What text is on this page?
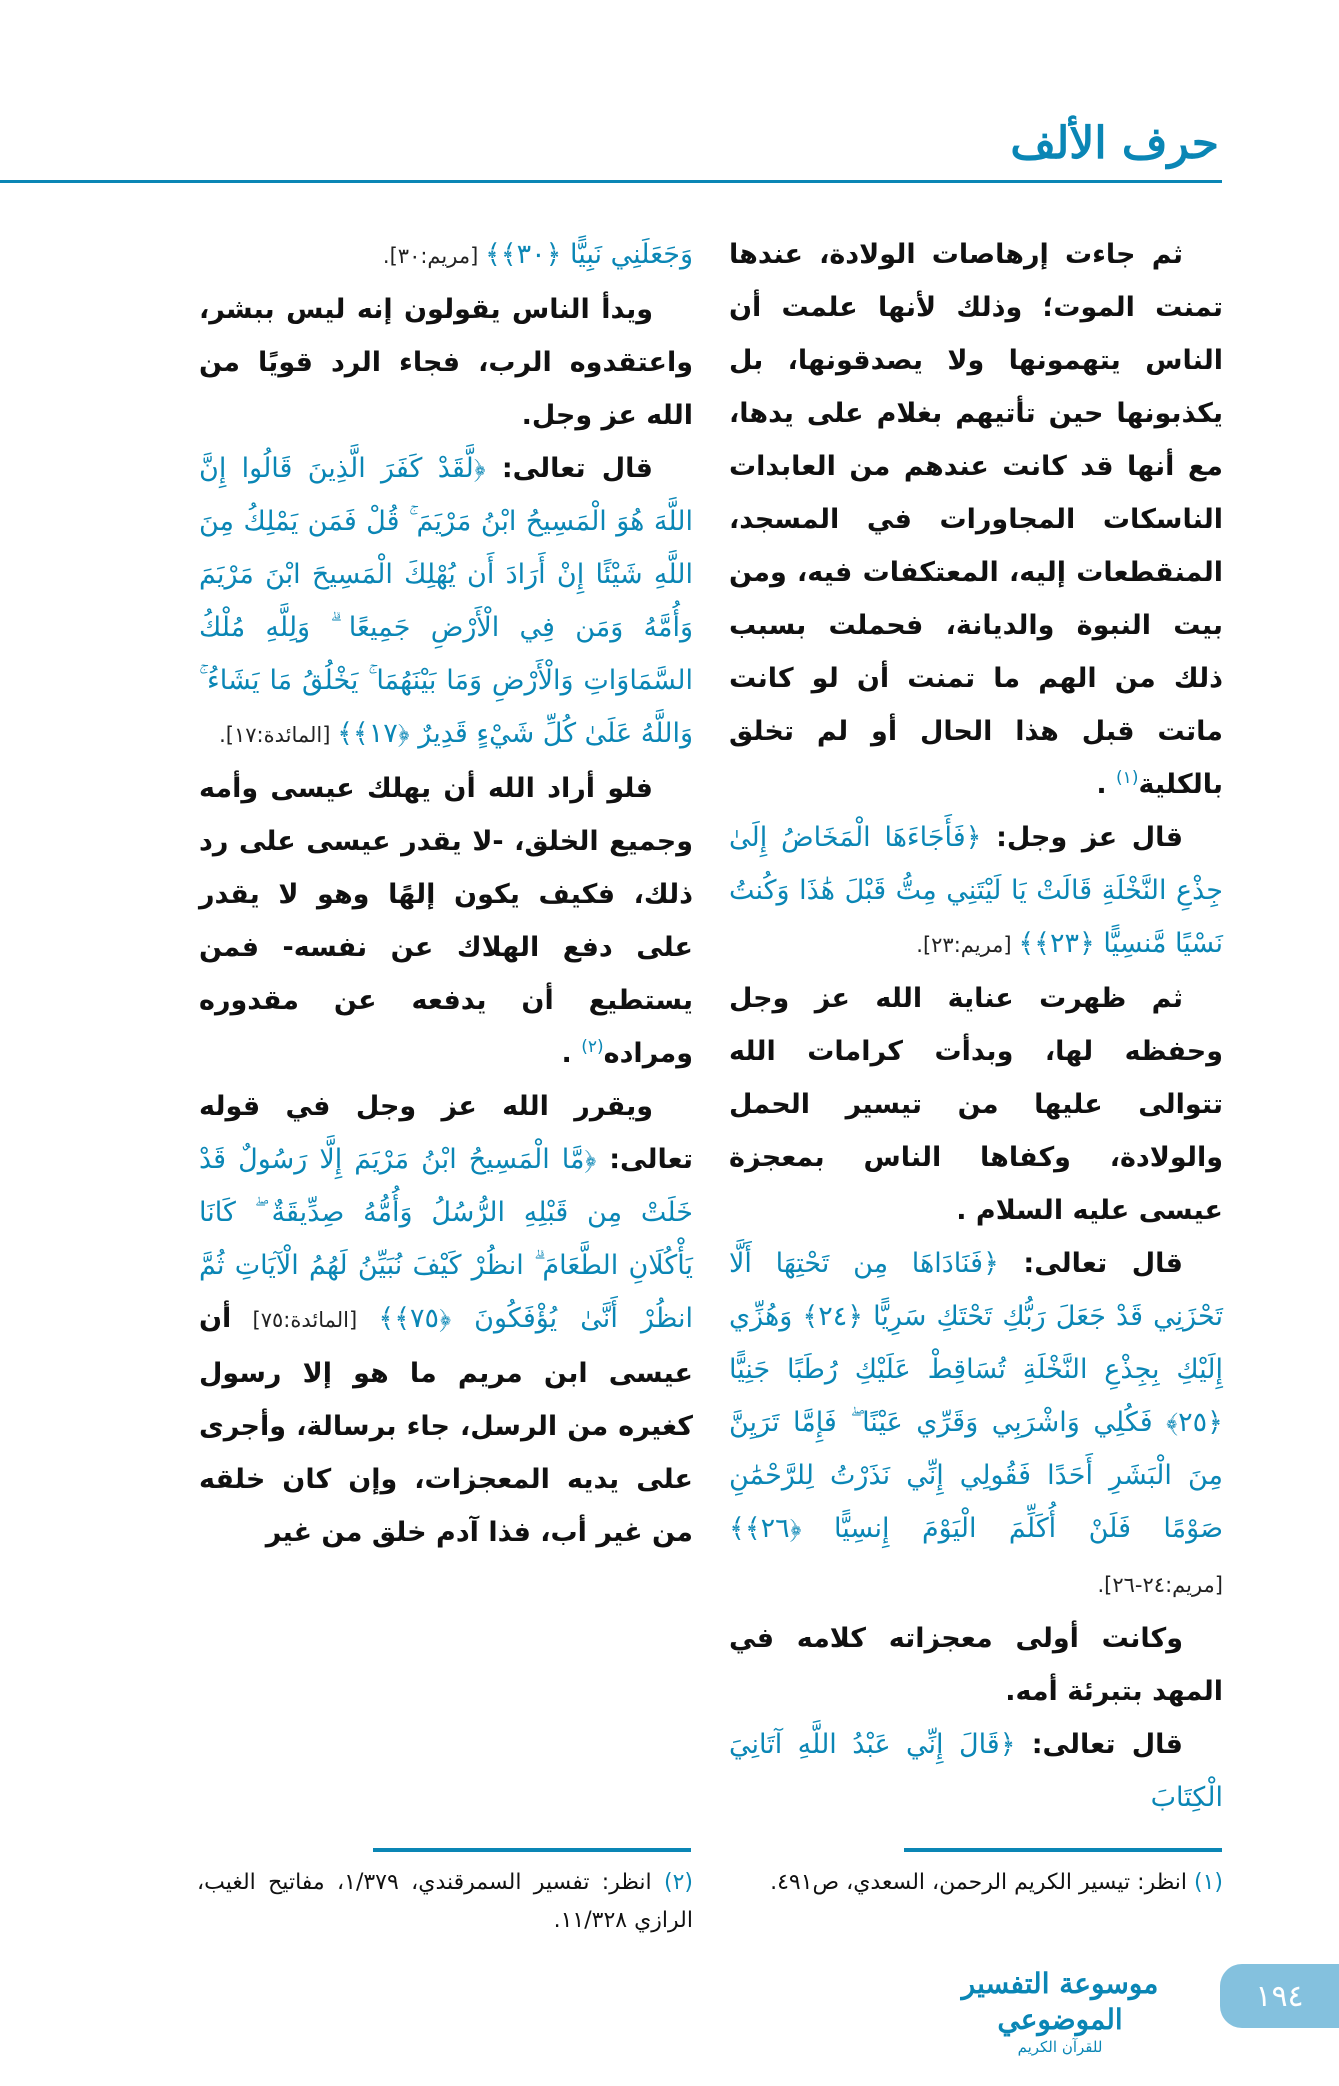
حرف الألف

ثم جاءت إرهاصات الولادة، عندها تمنت الموت؛ وذلك لأنها علمت أن الناس يتهمونها ولا يصدقونها، بل يكذبونها حين تأتيهم بغلام على يدها، مع أنها قد كانت عندهم من العابدات الناسكات المجاورات في المسجد، المنقطعات إليه، المعتكفات فيه، ومن بيت النبوة والديانة، فحملت بسبب ذلك من الهم ما تمنت أن لو كانت ماتت قبل هذا الحال أو لم تخلق بالكلية$^{(١)}$ .

قال عز وجل: ﴿فَأَجَاءَهَا الْمَخَاضُ إِلَىٰ جِذْعِ النَّخْلَةِ قَالَتْ يَا لَيْتَنِي مِتُّ قَبْلَ هَٰذَا وَكُنتُ نَسْيًا مَّنسِيًّا ﴿٢٣﴾﴾ [مريم:٢٣].

ثم ظهرت عناية الله عز وجل وحفظه لها، وبدأت كرامات الله تتوالى عليها من تيسير الحمل والولادة، وكفاها الناس بمعجزة عيسى عليه السلام .

قال تعالى: ﴿فَنَادَاهَا مِن تَحْتِهَا أَلَّا تَحْزَنِي قَدْ جَعَلَ رَبُّكِ تَحْتَكِ سَرِيًّا ﴿٢٤﴾ وَهُزِّي إِلَيْكِ بِجِذْعِ النَّخْلَةِ تُسَاقِطْ عَلَيْكِ رُطَبًا جَنِيًّا ﴿٢٥﴾ فَكُلِي وَاشْرَبِي وَقَرِّي عَيْنًا ۖ فَإِمَّا تَرَيِنَّ مِنَ الْبَشَرِ أَحَدًا فَقُولِي إِنِّي نَذَرْتُ لِلرَّحْمَٰنِ صَوْمًا فَلَنْ أُكَلِّمَ الْيَوْمَ إِنسِيًّا ﴿٢٦﴾﴾ [مريم:٢٤-٢٦].

وكانت أولى معجزاته كلامه في المهد بتبرئة أمه.

قال تعالى: ﴿قَالَ إِنِّي عَبْدُ اللَّهِ آتَانِيَ الْكِتَابَ

وَجَعَلَنِي نَبِيًّا ﴿٣٠﴾﴾ [مريم:٣٠].

ويدأ الناس يقولون إنه ليس ببشر، واعتقدوه الرب، فجاء الرد قويًا من الله عز وجل.

قال تعالى: ﴿لَّقَدْ كَفَرَ الَّذِينَ قَالُوا إِنَّ اللَّهَ هُوَ الْمَسِيحُ ابْنُ مَرْيَمَ ۚ قُلْ فَمَن يَمْلِكُ مِنَ اللَّهِ شَيْئًا إِنْ أَرَادَ أَن يُهْلِكَ الْمَسِيحَ ابْنَ مَرْيَمَ وَأُمَّهُ وَمَن فِي الْأَرْضِ جَمِيعًا ۗ وَلِلَّهِ مُلْكُ السَّمَاوَاتِ وَالْأَرْضِ وَمَا بَيْنَهُمَا ۚ يَخْلُقُ مَا يَشَاءُ ۚ وَاللَّهُ عَلَىٰ كُلِّ شَيْءٍ قَدِيرٌ ﴿١٧﴾﴾ [المائدة:١٧].

فلو أراد الله أن يهلك عيسى وأمه وجميع الخلق، -لا يقدر عيسى على رد ذلك، فكيف يكون إلهًا وهو لا يقدر على دفع الهلاك عن نفسه- فمن يستطيع أن يدفعه عن مقدوره ومراده$^{(٢)}$ .

ويقرر الله عز وجل في قوله تعالى: ﴿مَّا الْمَسِيحُ ابْنُ مَرْيَمَ إِلَّا رَسُولٌ قَدْ خَلَتْ مِن قَبْلِهِ الرُّسُلُ وَأُمُّهُ صِدِّيقَةٌ ۖ كَانَا يَأْكُلَانِ الطَّعَامَ ۗ انظُرْ كَيْفَ نُبَيِّنُ لَهُمُ الْآيَاتِ ثُمَّ انظُرْ أَنَّىٰ يُؤْفَكُونَ ﴿٧٥﴾﴾ [المائدة:٧٥] أن عيسى ابن مريم ما هو إلا رسول كغيره من الرسل، جاء برسالة، وأجرى على يديه المعجزات، وإن كان خلقه من غير أب، فذا آدم خلق من غير

(١) انظر: تيسير الكريم الرحمن، السعدي، ص٤٩١.
(٢) انظر: تفسير السمرقندي، ١/٣٧٩، مفاتيح الغيب، الرازي ١١/٣٢٨.
موسوعة التفسير الموضوعي
للقرآن الكريم
١٩٤
